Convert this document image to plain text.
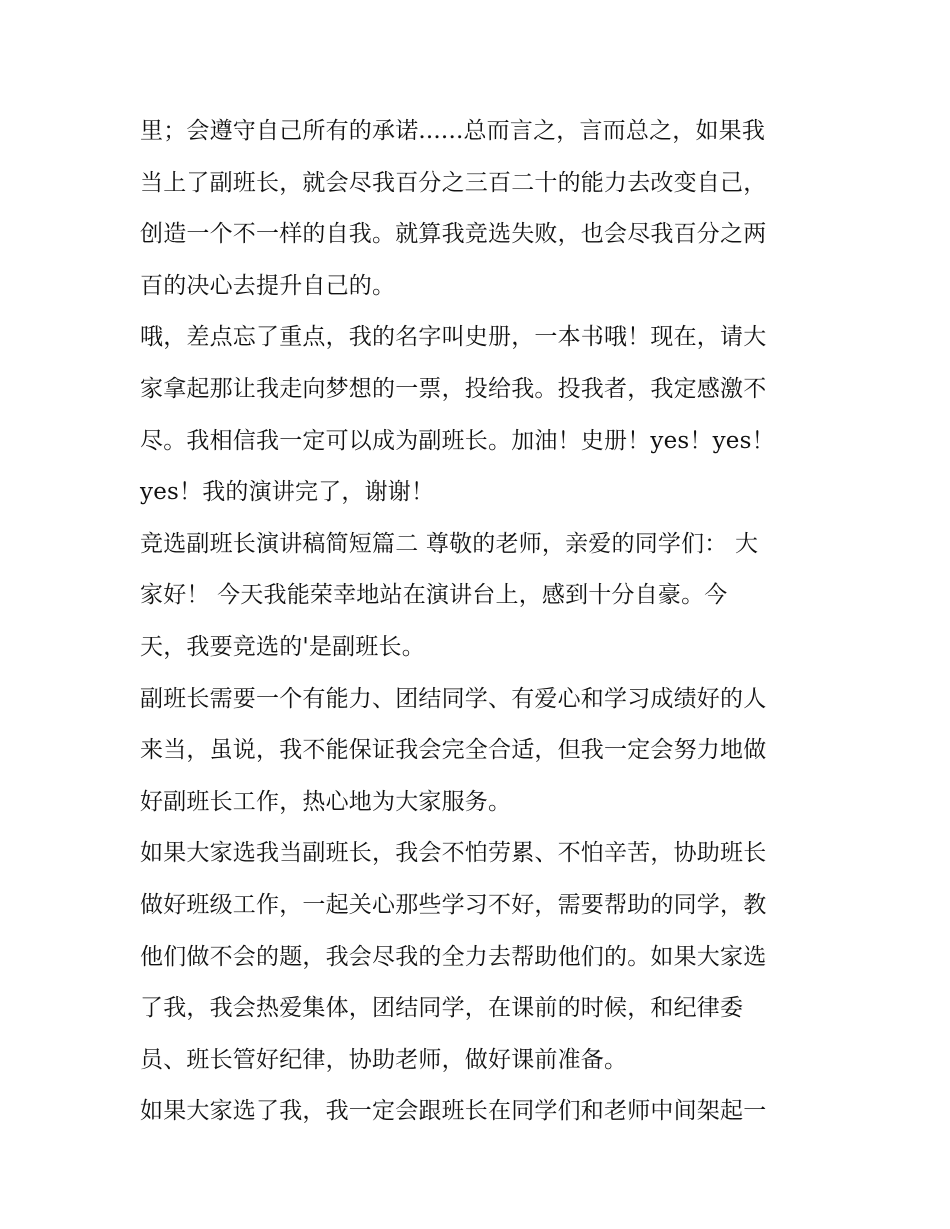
里；会遵守自己所有的承诺......总而言之，言而总之，如果我
当上了副班长，就会尽我百分之三百二十的能力去改变自己，
创造一个不一样的自我。就算我竞选失败，也会尽我百分之两
百的决心去提升自己的。
哦，差点忘了重点，我的名字叫史册，一本书哦！现在，请大
家拿起那让我走向梦想的一票，投给我。投我者，我定感激不
尽。我相信我一定可以成为副班长。加油！史册！yes！yes！
yes！我的演讲完了，谢谢！
竞选副班长演讲稿简短篇二 尊敬的老师，亲爱的同学们： 大
家好！ 今天我能荣幸地站在演讲台上，感到十分自豪。今
天，我要竞选的'是副班长。
副班长需要一个有能力、团结同学、有爱心和学习成绩好的人
来当，虽说，我不能保证我会完全合适，但我一定会努力地做
好副班长工作，热心地为大家服务。
如果大家选我当副班长，我会不怕劳累、不怕辛苦，协助班长
做好班级工作，一起关心那些学习不好，需要帮助的同学，教
他们做不会的题，我会尽我的全力去帮助他们的。如果大家选
了我，我会热爱集体，团结同学，在课前的时候，和纪律委
员、班长管好纪律，协助老师，做好课前准备。
如果大家选了我，我一定会跟班长在同学们和老师中间架起一
